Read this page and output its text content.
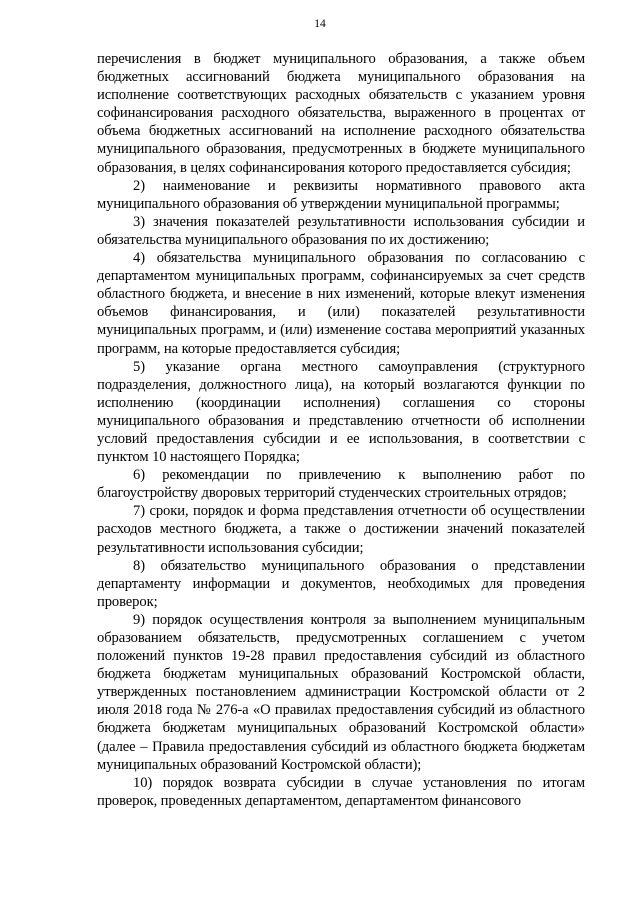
14

перечисления в бюджет муниципального образования, а также объем бюджетных ассигнований бюджета муниципального образования на исполнение соответствующих расходных обязательств с указанием уровня софинансирования расходного обязательства, выраженного в процентах от объема бюджетных ассигнований на исполнение расходного обязательства муниципального образования, предусмотренных в бюджете муниципального образования, в целях софинансирования которого предоставляется субсидия;

2) наименование и реквизиты нормативного правового акта муниципального образования об утверждении муниципальной программы;

3) значения показателей результативности использования субсидии и обязательства муниципального образования по их достижению;

4) обязательства муниципального образования по согласованию с департаментом муниципальных программ, софинансируемых за счет средств областного бюджета, и внесение в них изменений, которые влекут изменения объемов финансирования, и (или) показателей результативности муниципальных программ, и (или) изменение состава мероприятий указанных программ, на которые предоставляется субсидия;

5) указание органа местного самоуправления (структурного подразделения, должностного лица), на который возлагаются функции по исполнению (координации исполнения) соглашения со стороны муниципального образования и представлению отчетности об исполнении условий предоставления субсидии и ее использования, в соответствии с пунктом 10 настоящего Порядка;

6) рекомендации по привлечению к выполнению работ по благоустройству дворовых территорий студенческих строительных отрядов;

7) сроки, порядок и форма представления отчетности об осуществлении расходов местного бюджета, а также о достижении значений показателей результативности использования субсидии;

8) обязательство муниципального образования о представлении департаменту информации и документов, необходимых для проведения проверок;

9) порядок осуществления контроля за выполнением муниципальным образованием обязательств, предусмотренных соглашением с учетом положений пунктов 19-28 правил предоставления субсидий из областного бюджета бюджетам муниципальных образований Костромской области, утвержденных постановлением администрации Костромской области от 2 июля 2018 года № 276-а «О правилах предоставления субсидий из областного бюджета бюджетам муниципальных образований Костромской области» (далее – Правила предоставления субсидий из областного бюджета бюджетам муниципальных образований Костромской области);

10) порядок возврата субсидии в случае установления по итогам проверок, проведенных департаментом, департаментом финансового
